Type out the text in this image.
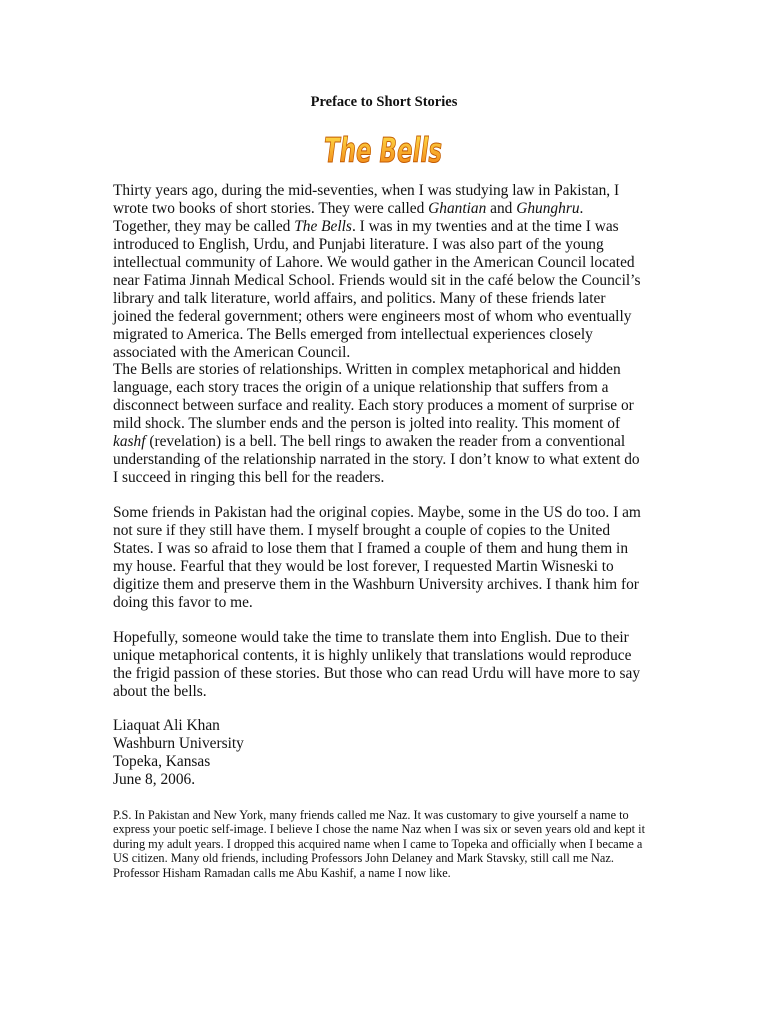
Preface to Short Stories
The Bells

Thirty years ago, during the mid-seventies, when I was studying law in Pakistan, I wrote two books of short stories. They were called Ghantian and Ghunghru. Together, they may be called The Bells. I was in my twenties and at the time I was introduced to English, Urdu, and Punjabi literature. I was also part of the young intellectual community of Lahore. We would gather in the American Council located near Fatima Jinnah Medical School. Friends would sit in the café below the Council’s library and talk literature, world affairs, and politics. Many of these friends later joined the federal government; others were engineers most of whom who eventually migrated to America. The Bells emerged from intellectual experiences closely associated with the American Council.

The Bells are stories of relationships. Written in complex metaphorical and hidden language, each story traces the origin of a unique relationship that suffers from a disconnect between surface and reality. Each story produces a moment of surprise or mild shock. The slumber ends and the person is jolted into reality. This moment of kashf (revelation) is a bell. The bell rings to awaken the reader from a conventional understanding of the relationship narrated in the story. I don’t know to what extent do I succeed in ringing this bell for the readers.

Some friends in Pakistan had the original copies. Maybe, some in the US do too. I am not sure if they still have them. I myself brought a couple of copies to the United States. I was so afraid to lose them that I framed a couple of them and hung them in my house. Fearful that they would be lost forever, I requested Martin Wisneski to digitize them and preserve them in the Washburn University archives. I thank him for doing this favor to me.

Hopefully, someone would take the time to translate them into English. Due to their unique metaphorical contents, it is highly unlikely that translations would reproduce the frigid passion of these stories. But those who can read Urdu will have more to say about the bells.

Liaquat Ali Khan
Washburn University
Topeka, Kansas
June 8, 2006.

P.S. In Pakistan and New York, many friends called me Naz. It was customary to give yourself a name to express your poetic self-image. I believe I chose the name Naz when I was six or seven years old and kept it during my adult years. I dropped this acquired name when I came to Topeka and officially when I became a US citizen. Many old friends, including Professors John Delaney and Mark Stavsky, still call me Naz. Professor Hisham Ramadan calls me Abu Kashif, a name I now like.
